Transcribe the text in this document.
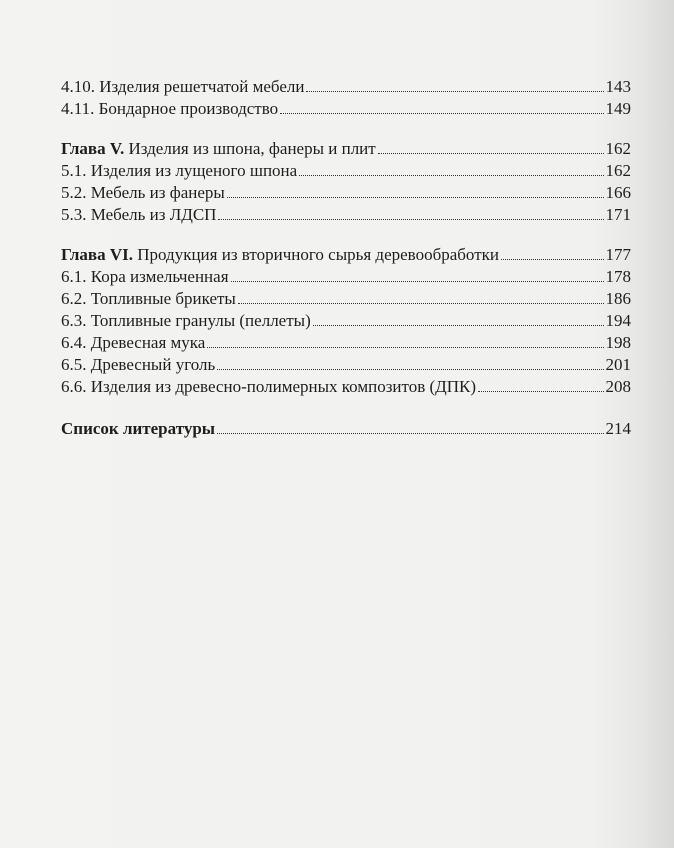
4.10. Изделия решетчатой мебели	143
4.11. Бондарное производство	149
Глава V. Изделия из шпона, фанеры и плит	162
5.1. Изделия из лущеного шпона	162
5.2. Мебель из фанеры	166
5.3. Мебель из ЛДСП	171
Глава VI. Продукция из вторичного сырья деревообработки	177
6.1. Кора измельченная	178
6.2. Топливные брикеты	186
6.3. Топливные гранулы (пеллеты)	194
6.4. Древесная мука	198
6.5. Древесный уголь	201
6.6. Изделия из древесно-полимерных композитов (ДПК)	208
Список литературы	214
